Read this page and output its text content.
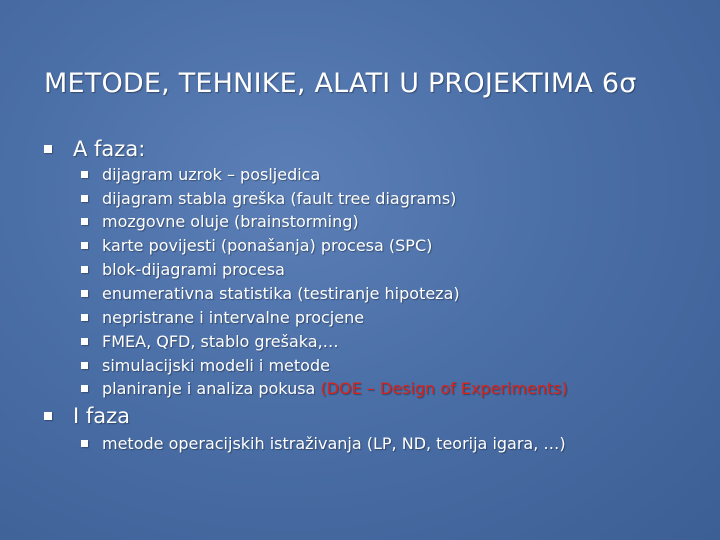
METODE, TEHNIKE, ALATI U PROJEKTIMA 6σ
A faza:
dijagram uzrok – posljedica
dijagram stabla greška (fault tree diagrams)
mozgovne oluje (brainstorming)
karte povijesti (ponašanja) procesa (SPC)
blok-dijagrami procesa
enumerativna statistika (testiranje hipoteza)
nepristrane i intervalne procjene
FMEA, QFD, stablo grešaka,…
simulacijski modeli i metode
planiranje i analiza pokusa (DOE – Design of Experiments)
I faza
metode operacijskih istraživanja (LP, ND, teorija igara, …)
